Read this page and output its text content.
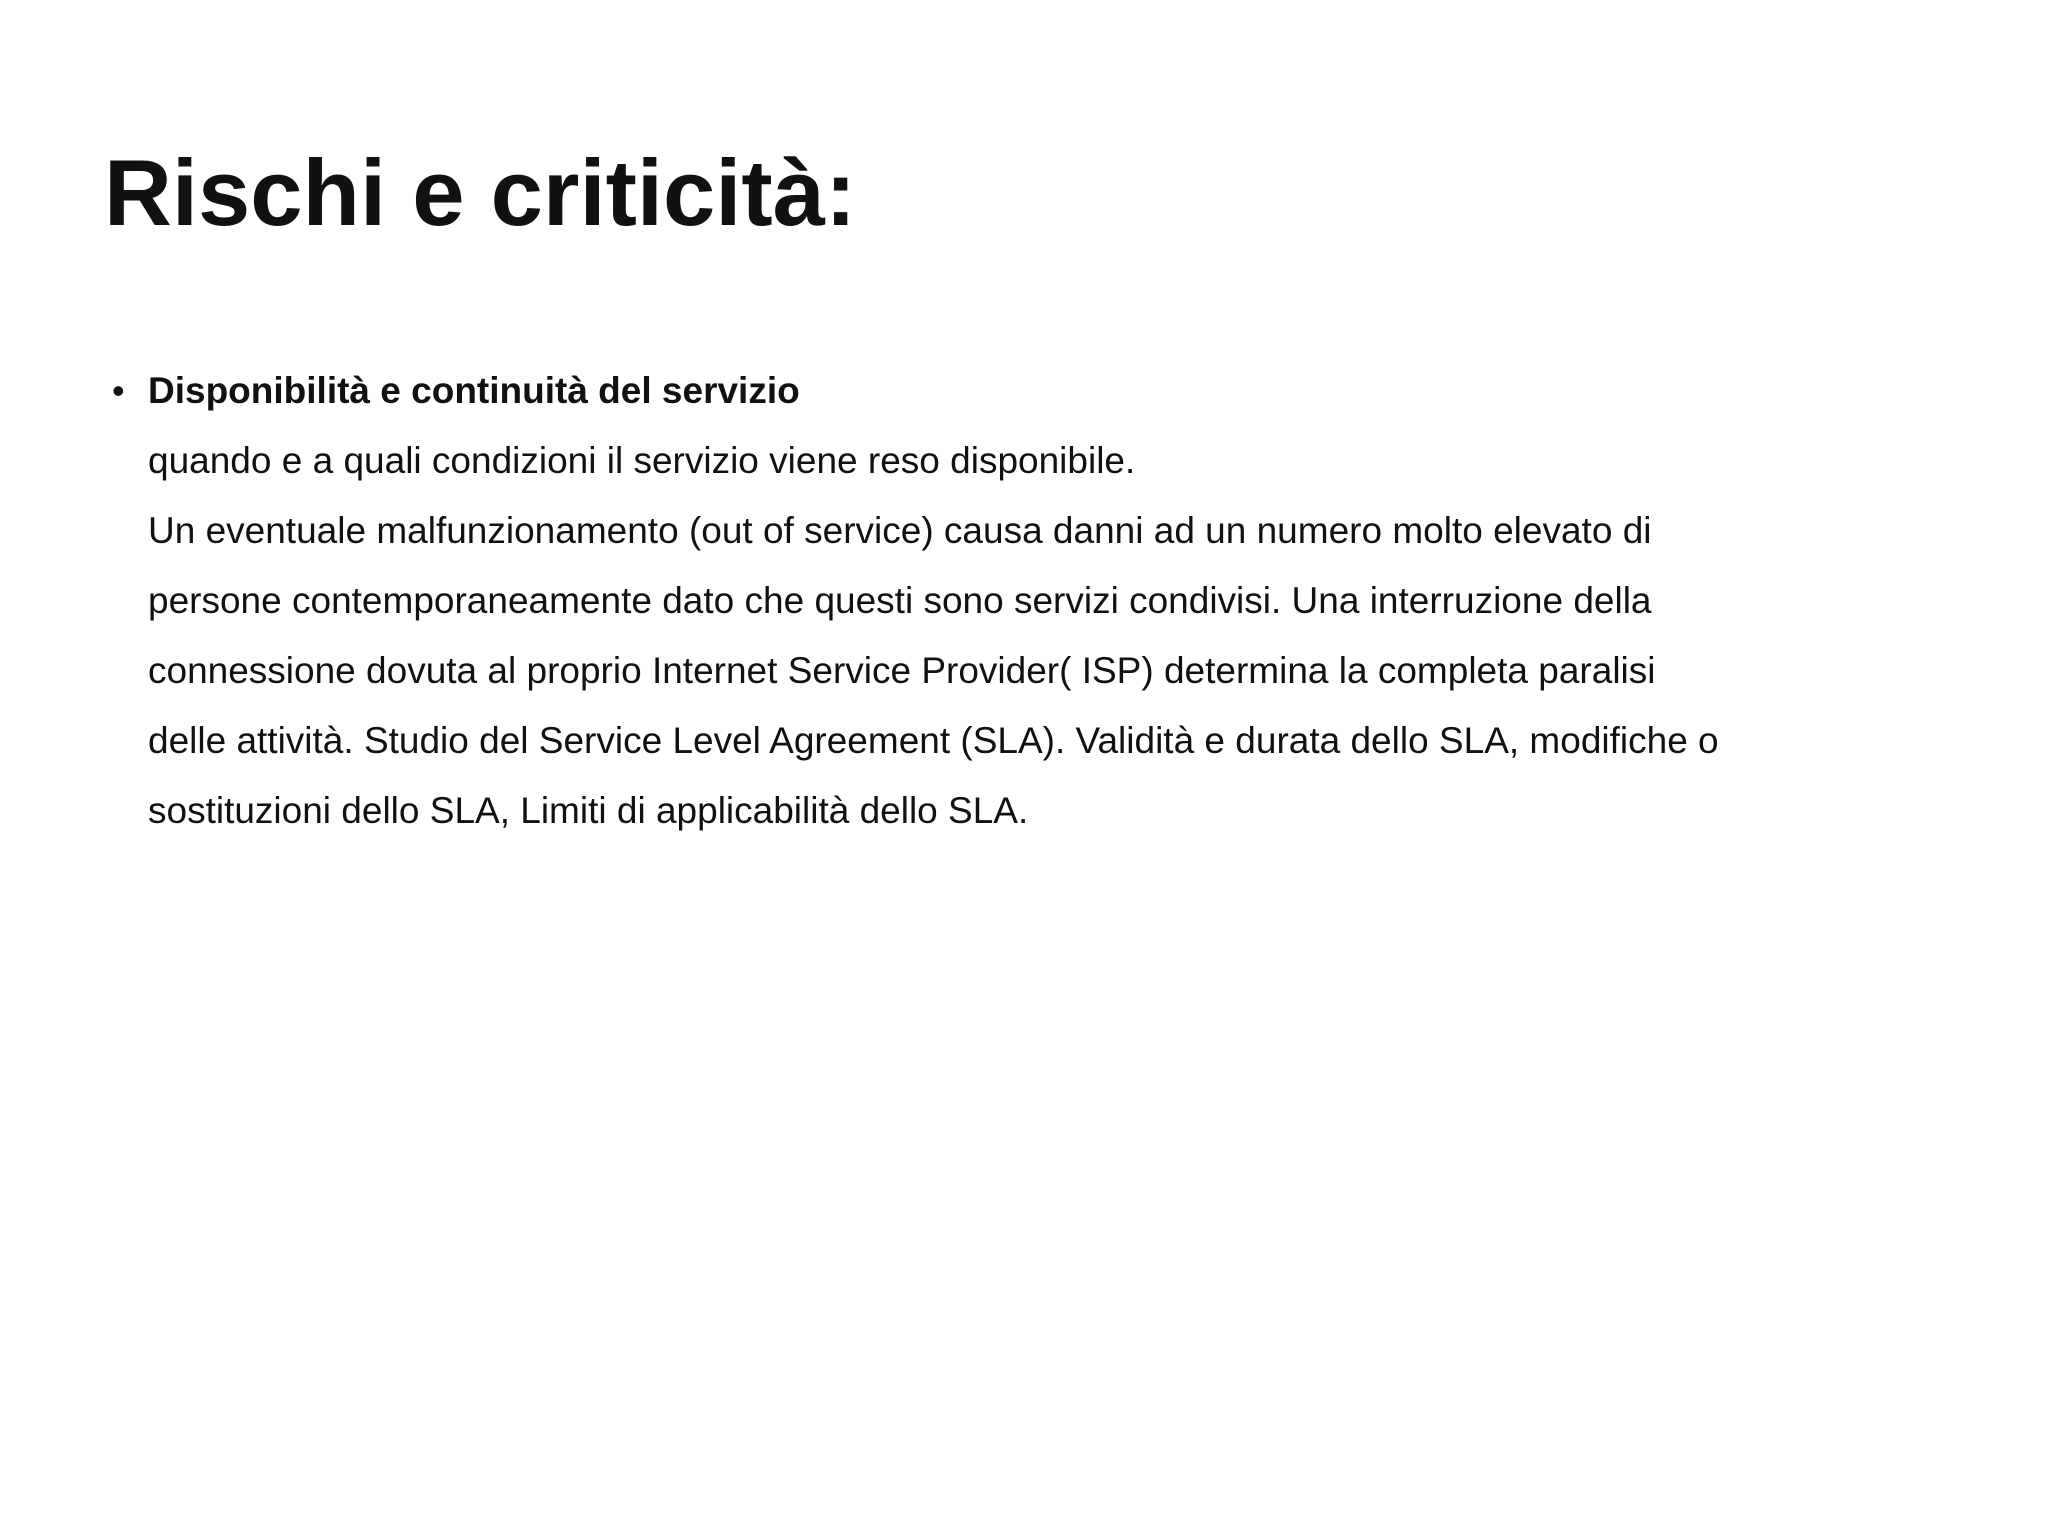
Rischi e criticità:
• Disponibilità e continuità del servizio
quando e a quali condizioni il servizio viene reso disponibile.
Un eventuale malfunzionamento (out of service) causa danni ad un numero molto elevato di
persone contemporaneamente dato che questi sono servizi condivisi. Una interruzione della
connessione dovuta al proprio Internet Service Provider( ISP) determina la completa paralisi
delle attività. Studio del Service Level Agreement (SLA). Validità e durata dello SLA, modifiche o
sostituzioni dello SLA, Limiti di applicabilità dello SLA.
